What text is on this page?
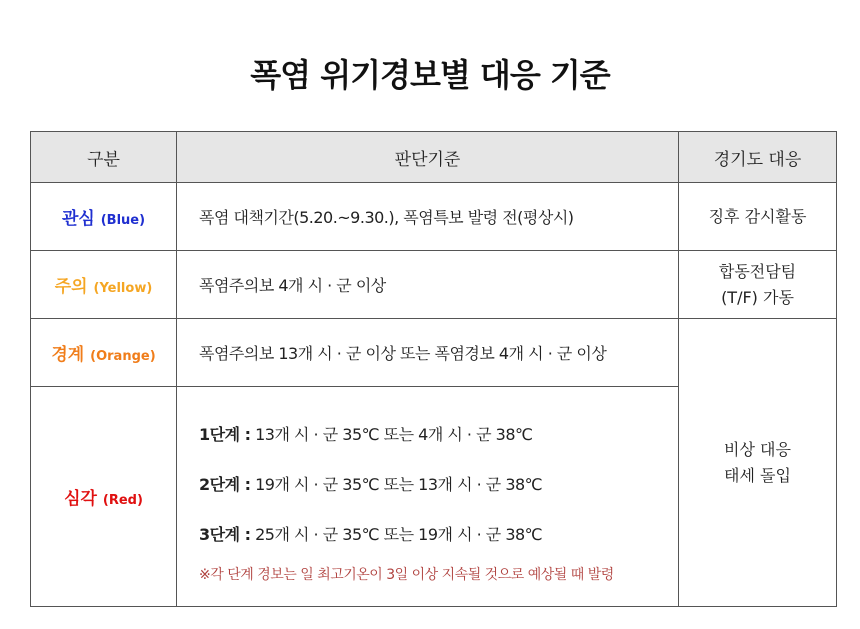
폭염 위기경보별 대응 기준
구분	판단기준	경기도 대응
관심 (Blue)	폭염 대책기간(5.20.~9.30.), 폭염특보 발령 전(평상시)	징후 감시활동
주의 (Yellow)	폭염주의보 4개 시 · 군 이상	합동전담팀
(T/F) 가동

경계 (Orange)	폭염주의보 13개 시 · 군 이상 또는 폭염경보 4개 시 · 군 이상	비상 대응
태세 돌입

심각 (Red)	1단계 : 13개 시 · 군 35℃ 또는 4개 시 · 군 38℃
2단계 : 19개 시 · 군 35℃ 또는 13개 시 · 군 38℃
3단계 : 25개 시 · 군 35℃ 또는 19개 시 · 군 38℃
※각 단계 경보는 일 최고기온이 3일 이상 지속될 것으로 예상될 때 발령	
